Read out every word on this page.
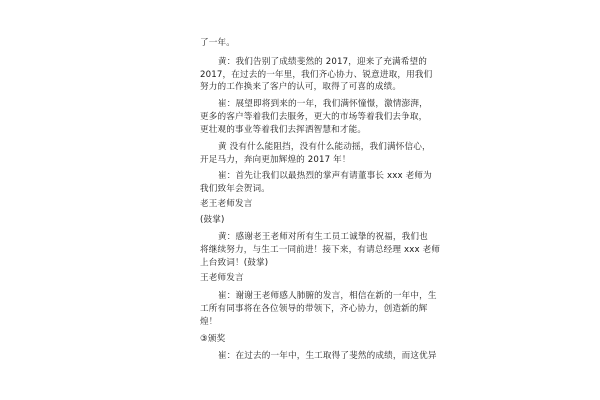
了一年。
黄：我们告别了成绩斐然的 2017，迎来了充满希望的
2017，在过去的一年里，我们齐心协力、锐意进取，用我们
努力的工作换来了客户的认可，取得了可喜的成绩。
崔：展望即将到来的一年，我们满怀憧憬，激情澎湃，
更多的客户等着我们去服务，更大的市场等着我们去争取，
更壮观的事业等着我们去挥洒智慧和才能。
黄 没有什么能阻挡，没有什么能动摇，我们满怀信心，
开足马力，奔向更加辉煌的 2017 年！
崔：首先让我们以最热烈的掌声有请董事长 xxx 老师为
我们致年会贺词。
老王老师发言
(鼓掌)
黄：感谢老王老师对所有生工员工诚挚的祝福，我们也
将继续努力，与生工一同前进！接下来，有请总经理 xxx 老师
上台致词！(鼓掌)
王老师发言
崔：谢谢王老师感人肺腑的发言，相信在新的一年中，生
工所有同事将在各位领导的带领下，齐心协力，创造新的辉
煌！
③颁奖
崔：在过去的一年中，生工取得了斐然的成绩，而这优异
